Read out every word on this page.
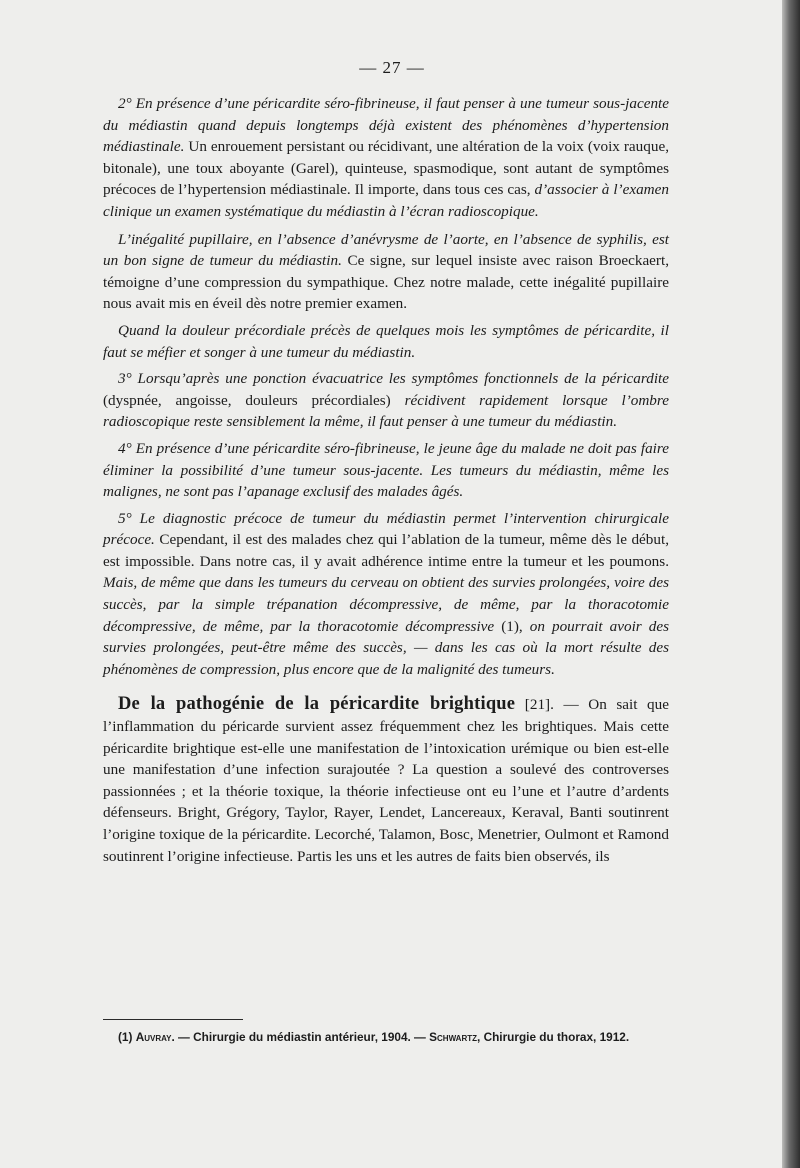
— 27 —

2° En présence d’une péricardite séro-fibrineuse, il faut penser à une tumeur sous-jacente du médiastin quand depuis longtemps déjà existent des phénomènes d’hypertension médiastinale. Un enrouement persistant ou récidivant, une altération de la voix (voix rauque, bitonale), une toux aboyante (Garel), quinteuse, spasmodique, sont autant de symptômes précoces de l’hypertension médiastinale. Il importe, dans tous ces cas, d’associer à l’examen clinique un examen systématique du médiastin à l’écran radioscopique.

L’inégalité pupillaire, en l’absence d’anévrysme de l’aorte, en l’absence de syphilis, est un bon signe de tumeur du médiastin. Ce signe, sur lequel insiste avec raison Broeckaert, témoigne d’une compression du sympathique. Chez notre malade, cette inégalité pupillaire nous avait mis en éveil dès notre premier examen.

Quand la douleur précordiale précès de quelques mois les symptômes de péricardite, il faut se méfier et songer à une tumeur du médiastin.

3° Lorsqu’après une ponction évacuatrice les symptômes fonctionnels de la péricardite (dyspnée, angoisse, douleurs précordiales) récidivent rapidement lorsque l’ombre radioscopique reste sensiblement la même, il faut penser à une tumeur du médiastin.

4° En présence d’une péricardite séro-fibrineuse, le jeune âge du malade ne doit pas faire éliminer la possibilité d’une tumeur sous-jacente. Les tumeurs du médiastin, même les malignes, ne sont pas l’apanage exclusif des malades âgés.

5° Le diagnostic précoce de tumeur du médiastin permet l’intervention chirurgicale précoce. Cependant, il est des malades chez qui l’ablation de la tumeur, même dès le début, est impossible. Dans notre cas, il y avait adhérence intime entre la tumeur et les poumons. Mais, de même que dans les tumeurs du cerveau on obtient des survies prolongées, voire des succès, par la simple trépanation décompressive, de même, par la thoracotomie décompressive, de même, par la thoracotomie décompressive (1), on pourrait avoir des survies prolongées, peut-être même des succès, — dans les cas où la mort résulte des phénomènes de compression, plus encore que de la malignité des tumeurs.

De la pathogénie de la péricardite brightique [21]. — On sait que l’inflammation du péricarde survient assez fréquemment chez les brightiques. Mais cette péricardite brightique est-elle une manifestation de l’intoxication urémique ou bien est-elle une manifestation d’une infection surajoutée ? La question a soulevé des controverses passionnées ; et la théorie toxique, la théorie infectieuse ont eu l’une et l’autre d’ardents défenseurs. Bright, Grégory, Taylor, Rayer, Lendet, Lancereaux, Keraval, Banti soutinrent l’origine toxique de la péricardite. Lecorché, Talamon, Bosc, Menetrier, Oulmont et Ramond soutinrent l’origine infectieuse. Partis les uns et les autres de faits bien observés, ils

(1) Auvray. — Chirurgie du médiastin antérieur, 1904. — Schwartz, Chirurgie du thorax, 1912.
